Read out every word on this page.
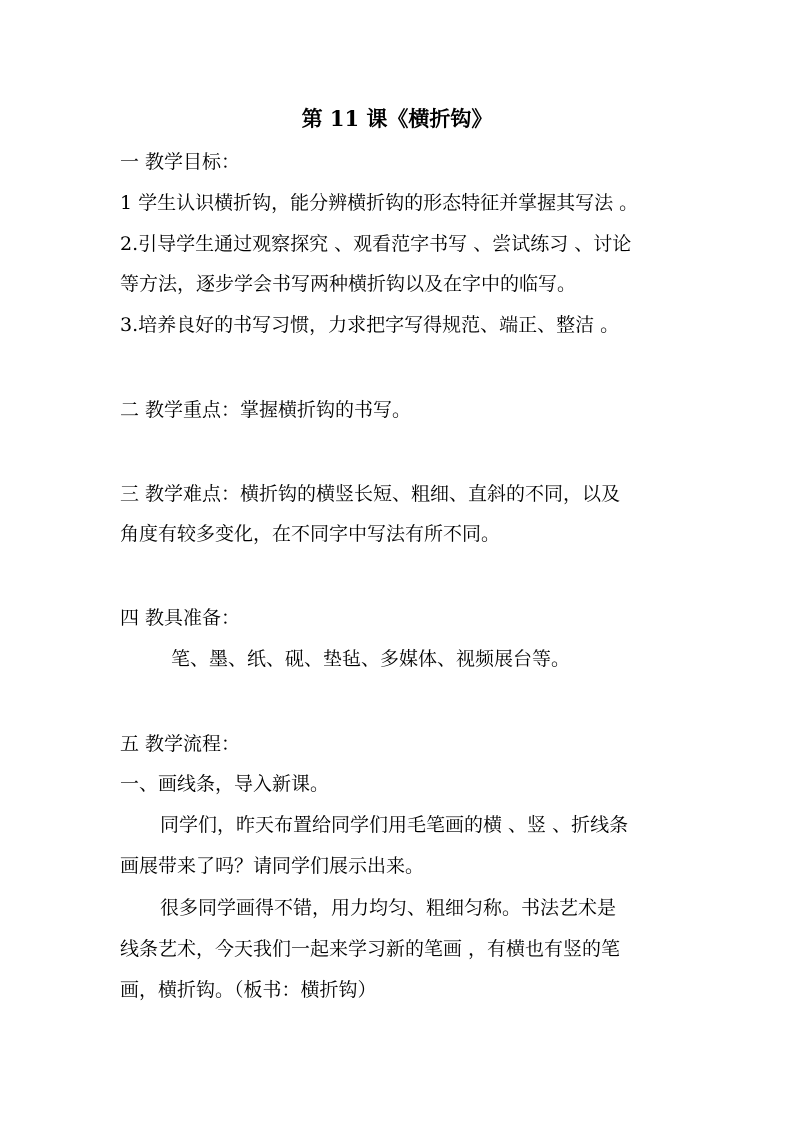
第 11 课《横折钩》
一 教学目标：
1 学生认识横折钩，能分辨横折钩的形态特征并掌握其写法 。
2.引导学生通过观察探究 、观看范字书写 、尝试练习 、讨论
等方法，逐步学会书写两种横折钩以及在字中的临写。
3.培养良好的书写习惯，力求把字写得规范、端正、整洁 。
二 教学重点：掌握横折钩的书写。
三 教学难点：横折钩的横竖长短、粗细、直斜的不同，以及
角度有较多变化，在不同字中写法有所不同。
四 教具准备：
笔、墨、纸、砚、垫毡、多媒体、视频展台等。
五 教学流程：
一、画线条，导入新课。
同学们，昨天布置给同学们用毛笔画的横 、竖 、折线条
画展带来了吗？请同学们展示出来。
很多同学画得不错，用力均匀、粗细匀称。书法艺术是
线条艺术，今天我们一起来学习新的笔画 ，有横也有竖的笔
画，横折钩。（板书：横折钩）
